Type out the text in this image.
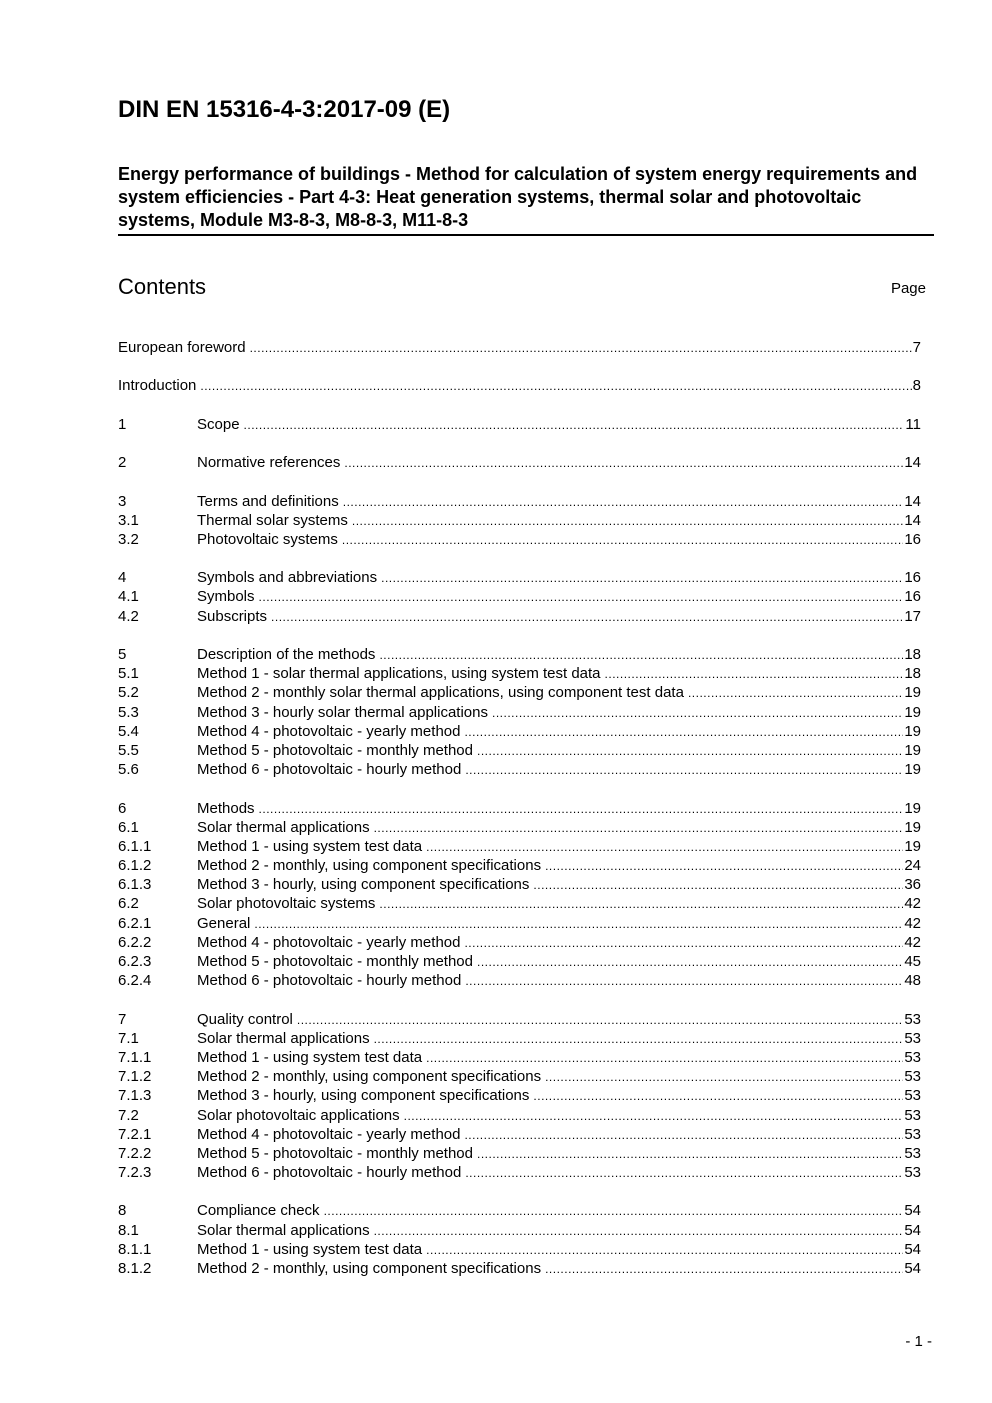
DIN EN 15316-4-3:2017-09 (E)
Energy performance of buildings - Method for calculation of system energy requirements and system efficiencies - Part 4-3: Heat generation systems, thermal solar and photovoltaic systems, Module M3-8-3, M8-8-3, M11-8-3
Contents	Page
European foreword .....	7
Introduction .....	8
1	Scope .....	11
2	Normative references .....	14
3	Terms and definitions .....	14
3.1	Thermal solar systems .....	14
3.2	Photovoltaic systems .....	16
4	Symbols and abbreviations .....	16
4.1	Symbols .....	16
4.2	Subscripts .....	17
5	Description of the methods .....	18
5.1	Method 1 - solar thermal applications, using system test data .....	18
5.2	Method 2 - monthly solar thermal applications, using component test data .....	19
5.3	Method 3 - hourly solar thermal applications .....	19
5.4	Method 4 - photovoltaic - yearly method .....	19
5.5	Method 5 - photovoltaic - monthly method .....	19
5.6	Method 6 - photovoltaic - hourly method .....	19
6	Methods .....	19
6.1	Solar thermal applications .....	19
6.1.1	Method 1 - using system test data .....	19
6.1.2	Method 2 - monthly, using component specifications .....	24
6.1.3	Method 3 - hourly, using component specifications .....	36
6.2	Solar photovoltaic systems .....	42
6.2.1	General .....	42
6.2.2	Method 4 - photovoltaic - yearly method .....	42
6.2.3	Method 5 - photovoltaic - monthly method .....	45
6.2.4	Method 6 - photovoltaic - hourly method .....	48
7	Quality control .....	53
7.1	Solar thermal applications .....	53
7.1.1	Method 1 - using system test data .....	53
7.1.2	Method 2 - monthly, using component specifications .....	53
7.1.3	Method 3 - hourly, using component specifications .....	53
7.2	Solar photovoltaic applications .....	53
7.2.1	Method 4 - photovoltaic - yearly method .....	53
7.2.2	Method 5 - photovoltaic - monthly method .....	53
7.2.3	Method 6 - photovoltaic - hourly method .....	53
8	Compliance check .....	54
8.1	Solar thermal applications .....	54
8.1.1	Method 1 - using system test data .....	54
8.1.2	Method 2 - monthly, using component specifications .....	54
- 1 -
